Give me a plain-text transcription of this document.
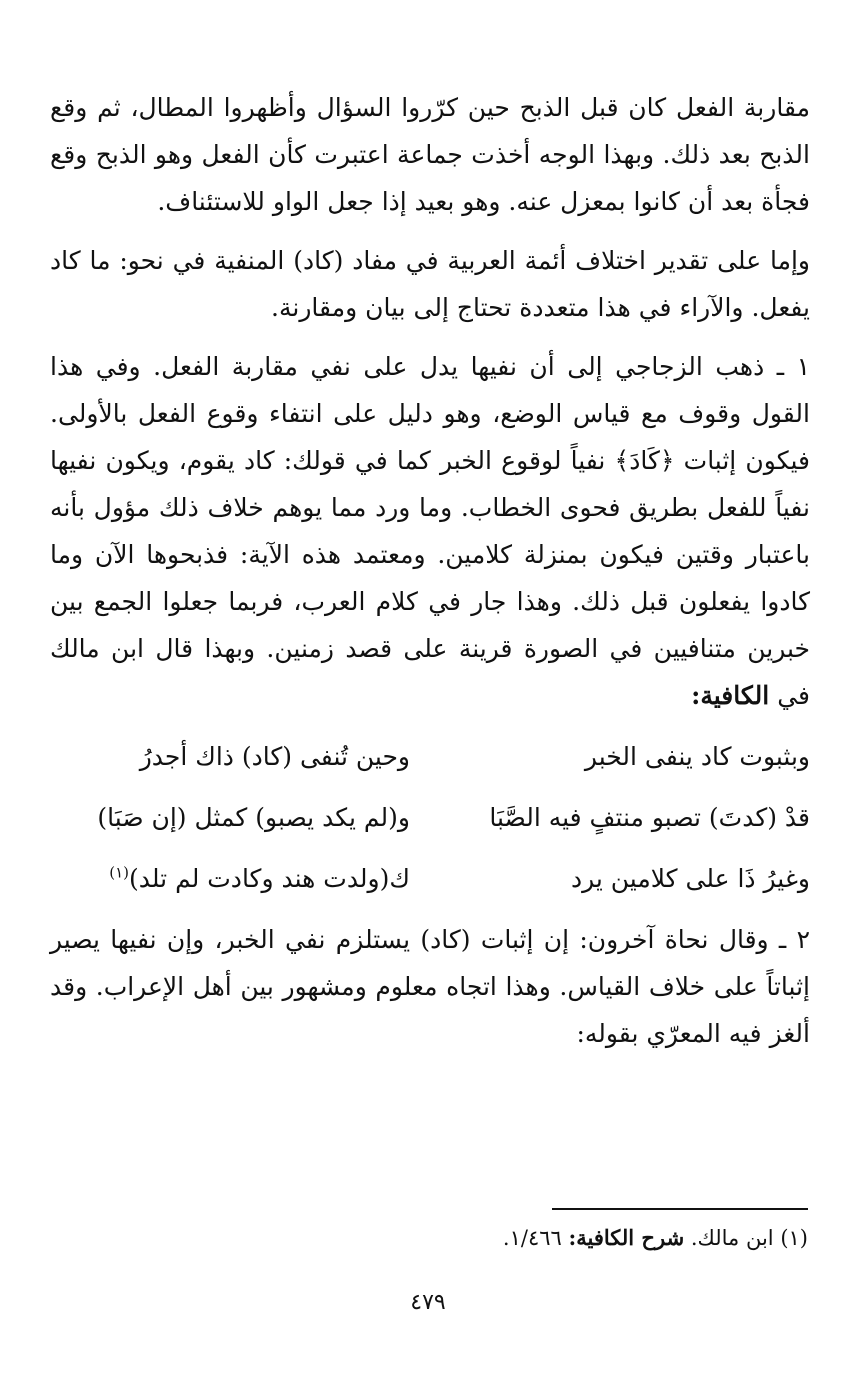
مقاربة الفعل كان قبل الذبح حين كرّروا السؤال وأظهروا المطال، ثم وقع الذبح بعد ذلك. وبهذا الوجه أخذت جماعة اعتبرت كأن الفعل وهو الذبح وقع فجأة بعد أن كانوا بمعزل عنه. وهو بعيد إذا جعل الواو للاستئناف.

وإما على تقدير اختلاف أئمة العربية في مفاد (كاد) المنفية في نحو: ما كاد يفعل. والآراء في هذا متعددة تحتاج إلى بيان ومقارنة.

١ ـ ذهب الزجاجي إلى أن نفيها يدل على نفي مقاربة الفعل. وفي هذا القول وقوف مع قياس الوضع، وهو دليل على انتفاء وقوع الفعل بالأولى. فيكون إثبات ﴿كَادَ﴾ نفياً لوقوع الخبر كما في قولك: كاد يقوم، ويكون نفيها نفياً للفعل بطريق فحوى الخطاب. وما ورد مما يوهم خلاف ذلك مؤول بأنه باعتبار وقتين فيكون بمنزلة كلامين. ومعتمد هذه الآية: فذبحوها الآن وما كادوا يفعلون قبل ذلك. وهذا جار في كلام العرب، فربما جعلوا الجمع بين خبرين متنافيين في الصورة قرينة على قصد زمنين. وبهذا قال ابن مالك في الكافية:

وبثبوت كاد ينفى الخبر
وحين تُنفى (كاد) ذاك أجدرُ
قدْ (كدتَ) تصبو منتفٍ فيه الصَّبَا
و(لم يكد يصبو) كمثل (إن صَبَا)
وغيرُ ذَا على كلامين يرد
ك(ولدت هند وكادت لم تلد)$^{(١)}$

٢ ـ وقال نحاة آخرون: إن إثبات (كاد) يستلزم نفي الخبر، وإن نفيها يصير إثباتاً على خلاف القياس. وهذا اتجاه معلوم ومشهور بين أهل الإعراب. وقد ألغز فيه المعرّي بقوله:

(١) ابن مالك. شرح الكافية: ١/٤٦٦.
٤٧٩
